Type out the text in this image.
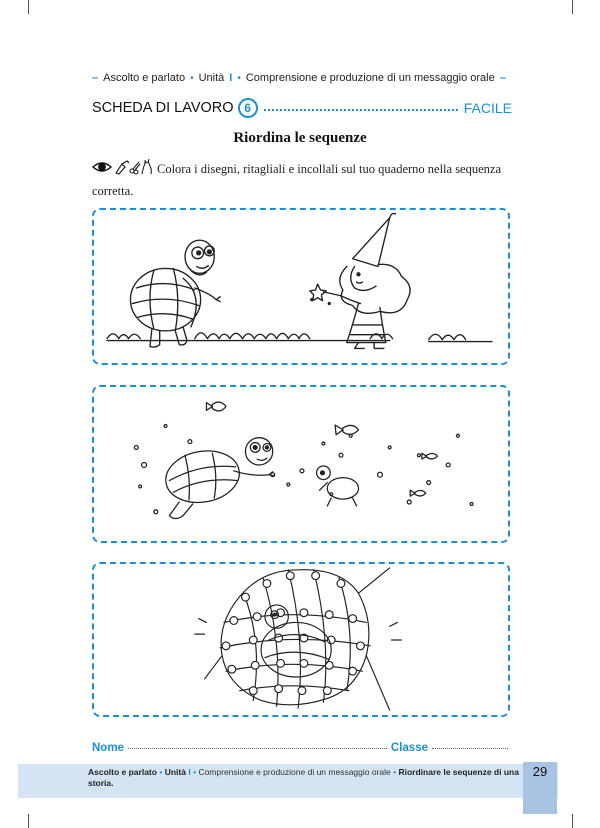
– Ascolto e parlato • Unità I • Comprensione e produzione di un messaggio orale –
SCHEDA DI LAVORO 6	FACILE
Riordina le sequenze
Colora i disegni, ritagliali e incollali sul tuo quaderno nella sequenza corretta.
Nome	Classe
Ascolto e parlato • Unità I • Comprensione e produzione di un messaggio orale • Riordinare le sequenze di una storia.
29
